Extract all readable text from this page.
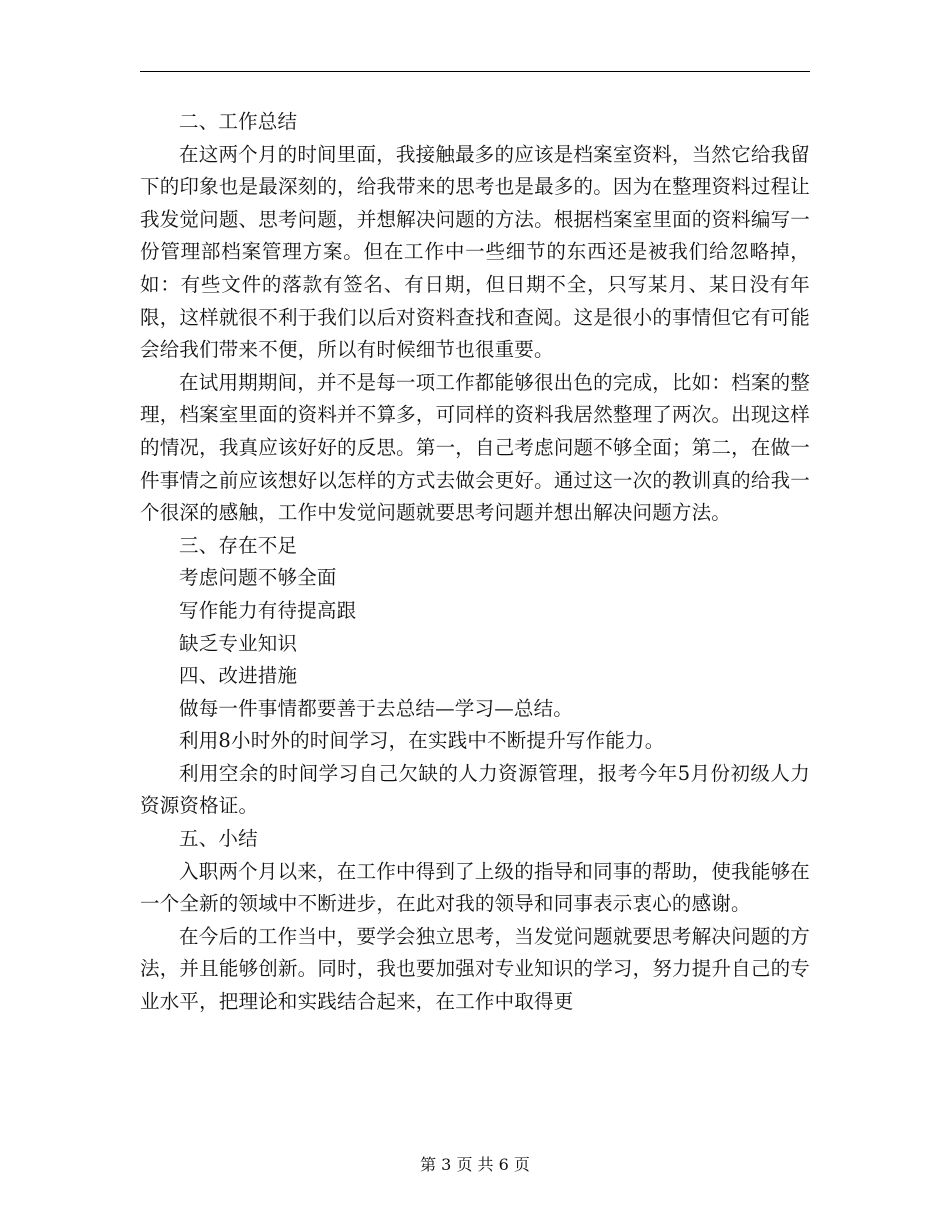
二、工作总结

在这两个月的时间里面，我接触最多的应该是档案室资料，当然它给我留下的印象也是最深刻的，给我带来的思考也是最多的。因为在整理资料过程让我发觉问题、思考问题，并想解决问题的方法。根据档案室里面的资料编写一份管理部档案管理方案。但在工作中一些细节的东西还是被我们给忽略掉，如：有些文件的落款有签名、有日期，但日期不全，只写某月、某日没有年限，这样就很不利于我们以后对资料查找和查阅。这是很小的事情但它有可能会给我们带来不便，所以有时候细节也很重要。

在试用期期间，并不是每一项工作都能够很出色的完成，比如：档案的整理，档案室里面的资料并不算多，可同样的资料我居然整理了两次。出现这样的情况，我真应该好好的反思。第一，自己考虑问题不够全面；第二，在做一件事情之前应该想好以怎样的方式去做会更好。通过这一次的教训真的给我一个很深的感触，工作中发觉问题就要思考问题并想出解决问题方法。

三、存在不足

考虑问题不够全面

写作能力有待提高跟

缺乏专业知识

四、改进措施

做每一件事情都要善于去总结—学习—总结。

利用8小时外的时间学习，在实践中不断提升写作能力。

利用空余的时间学习自己欠缺的人力资源管理，报考今年5月份初级人力资源资格证。

五、小结

入职两个月以来，在工作中得到了上级的指导和同事的帮助，使我能够在一个全新的领域中不断进步，在此对我的领导和同事表示衷心的感谢。

在今后的工作当中，要学会独立思考，当发觉问题就要思考解决问题的方法，并且能够创新。同时，我也要加强对专业知识的学习，努力提升自己的专业水平，把理论和实践结合起来，在工作中取得更

第 3 页 共 6 页
